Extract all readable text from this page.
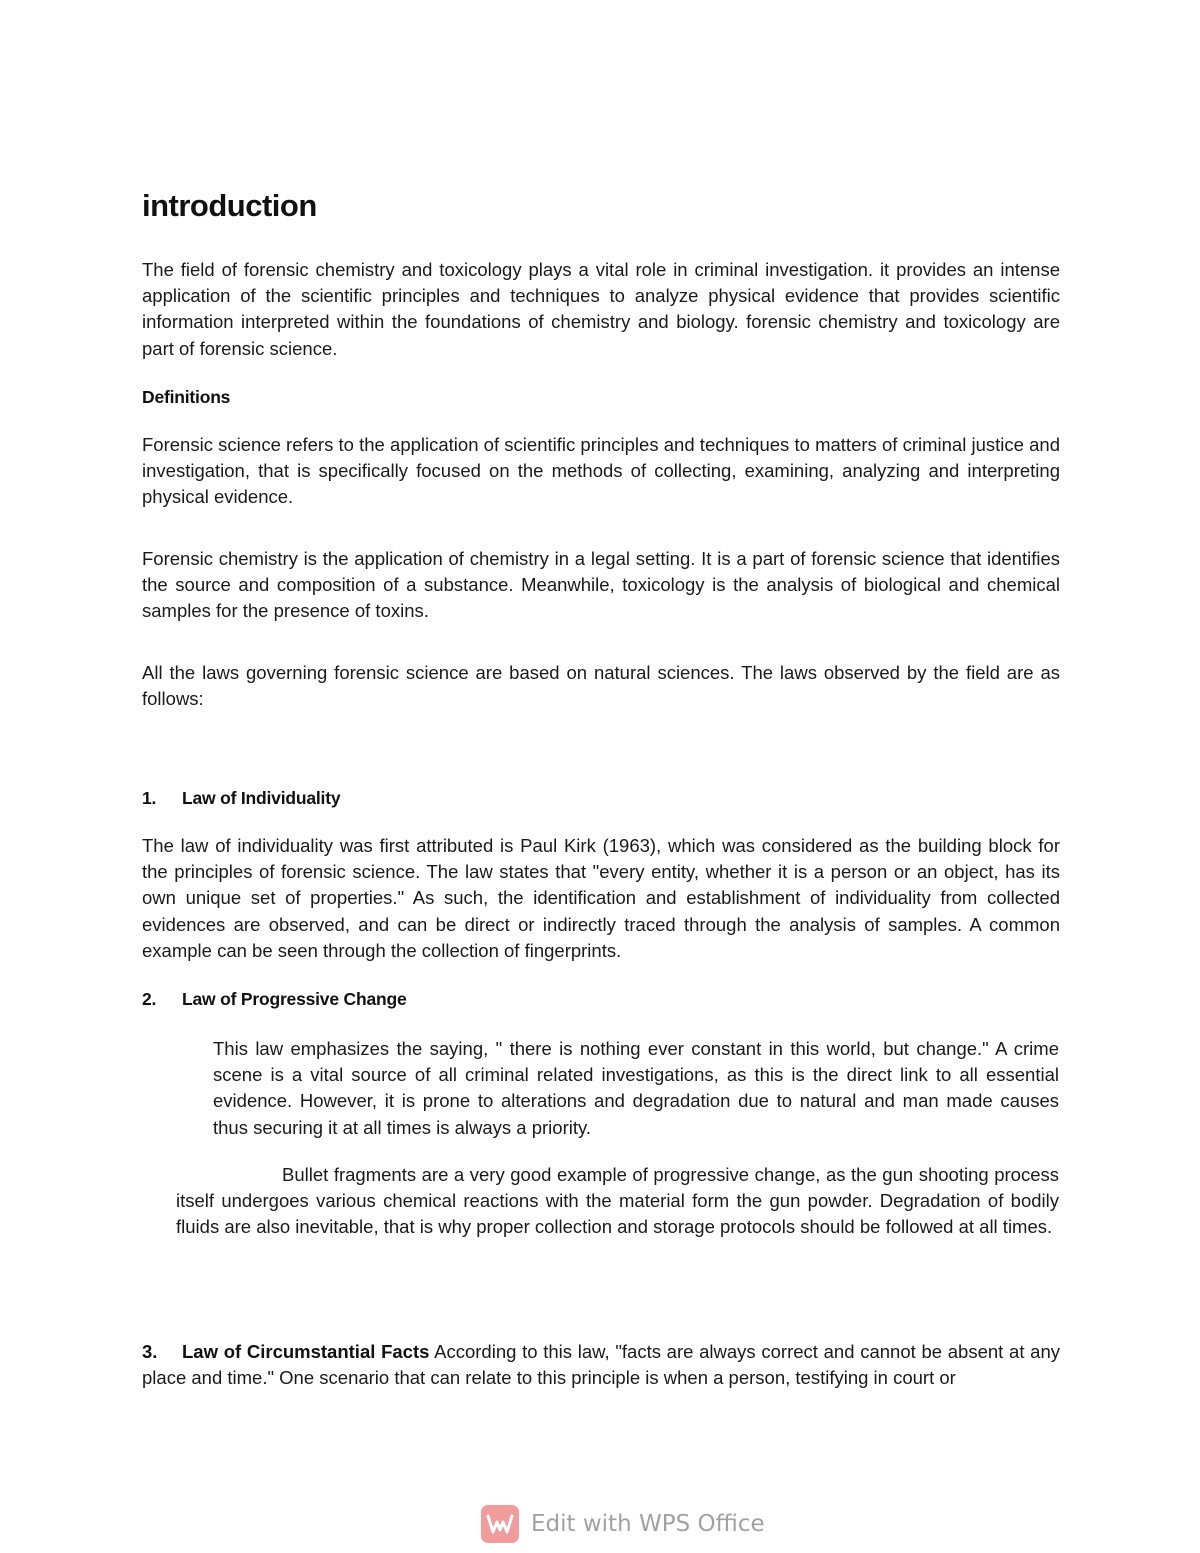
introduction

The field of forensic chemistry and toxicology plays a vital role in criminal investigation. it provides an intense application of the scientific principles and techniques to analyze physical evidence that provides scientific information interpreted within the foundations of chemistry and biology. forensic chemistry and toxicology are part of forensic science.

Definitions

Forensic science refers to the application of scientific principles and techniques to matters of criminal justice and investigation, that is specifically focused on the methods of collecting, examining, analyzing and interpreting physical evidence.

Forensic chemistry is the application of chemistry in a legal setting. It is a part of forensic science that identifies the source and composition of a substance. Meanwhile, toxicology is the analysis of biological and chemical samples for the presence of toxins.

All the laws governing forensic science are based on natural sciences. The laws observed by the field are as follows:

1. Law of Individuality

The law of individuality was first attributed is Paul Kirk (1963), which was considered as the building block for the principles of forensic science. The law states that "every entity, whether it is a person or an object, has its own unique set of properties." As such, the identification and establishment of individuality from collected evidences are observed, and can be direct or indirectly traced through the analysis of samples. A common example can be seen through the collection of fingerprints.

2. Law of Progressive Change

This law emphasizes the saying, " there is nothing ever constant in this world, but change." A crime scene is a vital source of all criminal related investigations, as this is the direct link to all essential evidence. However, it is prone to alterations and degradation due to natural and man made causes thus securing it at all times is always a priority.

Bullet fragments are a very good example of progressive change, as the gun shooting process itself undergoes various chemical reactions with the material form the gun powder. Degradation of bodily fluids are also inevitable, that is why proper collection and storage protocols should be followed at all times.

3. Law of Circumstantial Facts According to this law, "facts are always correct and cannot be absent at any place and time." One scenario that can relate to this principle is when a person, testifying in court or

Edit with WPS Office
